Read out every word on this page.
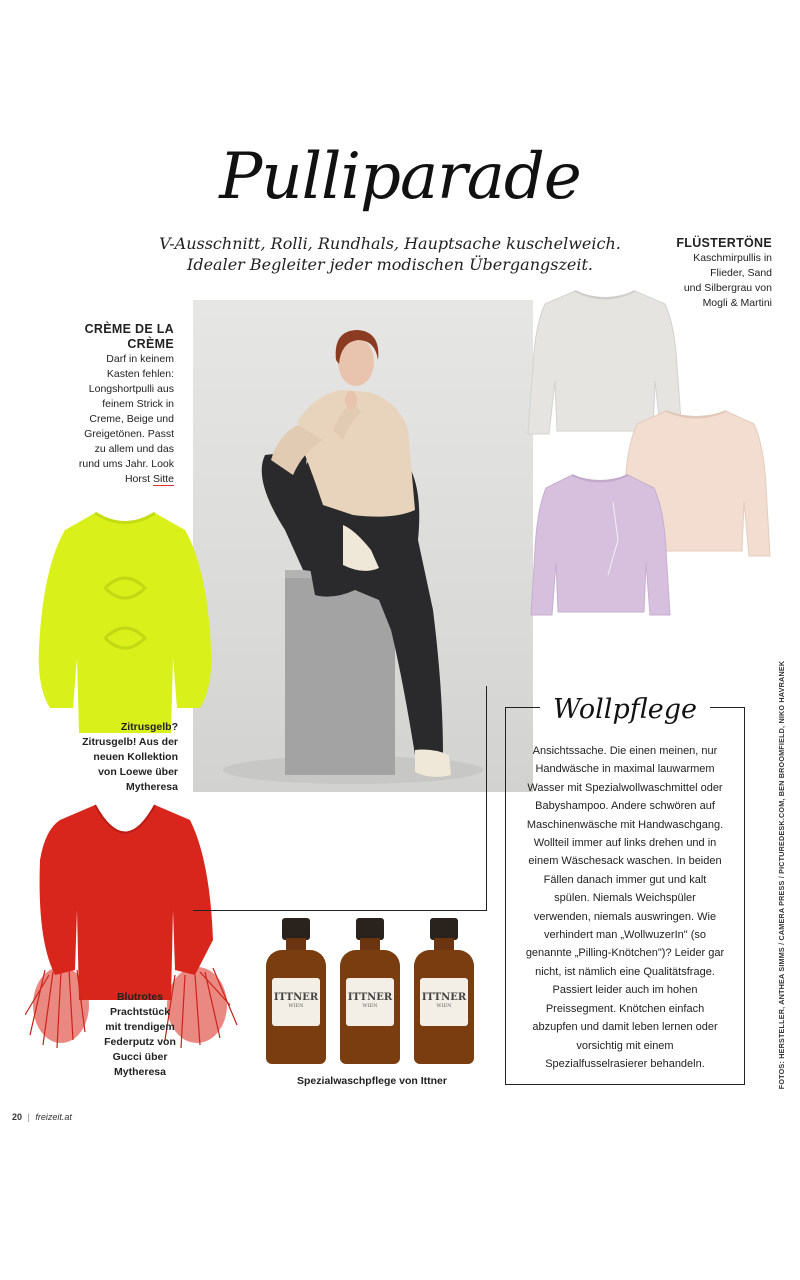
Pulliparade
V-Ausschnitt, Rolli, Rundhals, Hauptsache kuschelweich.
Idealer Begleiter jeder modischen Übergangszeit.
FLÜSTERTÖNE
Kaschmirpullis in
Flieder, Sand
und Silbergrau von
Mogli & Martini
CRÈME DE LA
CRÈME
Darf in keinem
Kasten fehlen:
Longshortpulli aus
feinem Strick in
Creme, Beige und
Greigetönen. Passt
zu allem und das
rund ums Jahr. Look
Horst Sitte
Zitrusgelb?
Zitrusgelb! Aus der
neuen Kollektion
von Loewe über
Mytheresa
Blutrotes
Prachtstück
mit trendigem
Federputz von
Gucci über
Mytheresa
ITTNER
WIEN
ITTNER
WIEN
ITTNER
WIEN
Spezialwaschpflege von Ittner
Wollpflege
Ansichtssache. Die einen meinen, nur
Handwäsche in maximal lauwarmem
Wasser mit Spezialwollwaschmittel oder
Babyshampoo. Andere schwören auf
Maschinenwäsche mit Handwaschgang.
Wollteil immer auf links drehen und in
einem Wäschesack waschen. In beiden
Fällen danach immer gut und kalt
spülen. Niemals Weichspüler
verwenden, niemals auswringen. Wie
verhindert man „WollwuzerIn" (so
genannte „Pilling-Knötchen")? Leider gar
nicht, ist nämlich eine Qualitätsfrage.
Passiert leider auch im hohen
Preissegment. Knötchen einfach
abzupfen und damit leben lernen oder
vorsichtig mit einem
Spezialfusselrasierer behandeln.	FOTOS: HERSTELLER, ANTHEA SIMMS / CAMERA PRESS / PICTUREDESK.COM, BEN BROOMFIELD, NIKO HAVRANEK
20 | freizeit.at
